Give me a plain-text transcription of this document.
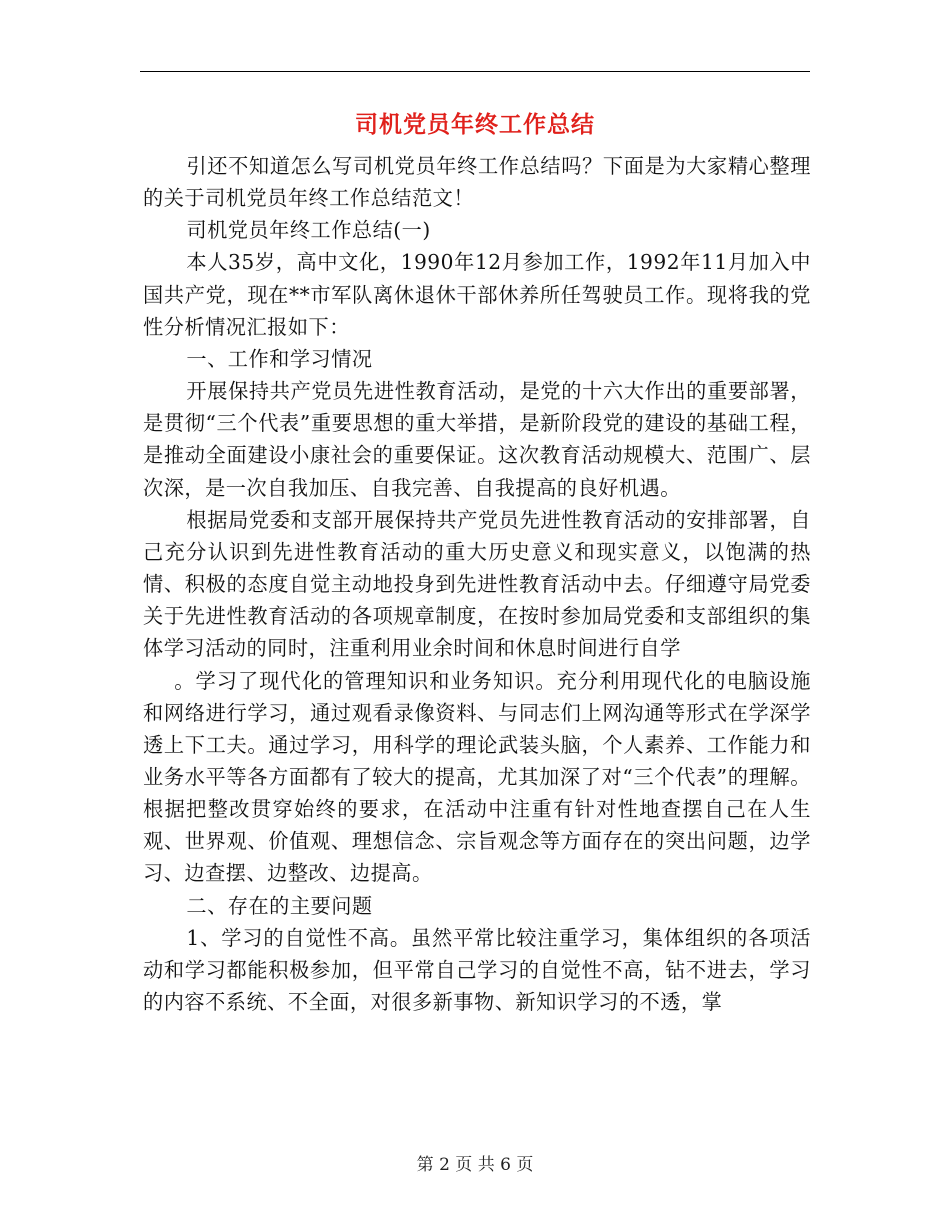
司机党员年终工作总结

引还不知道怎么写司机党员年终工作总结吗？下面是为大家精心整理的关于司机党员年终工作总结范文！

司机党员年终工作总结(一)

本人35岁，高中文化，1990年12月参加工作，1992年11月加入中国共产党，现在**市军队离休退休干部休养所任驾驶员工作。现将我的党性分析情况汇报如下：

一、工作和学习情况

开展保持共产党员先进性教育活动，是党的十六大作出的重要部署，是贯彻“三个代表”重要思想的重大举措，是新阶段党的建设的基础工程，是推动全面建设小康社会的重要保证。这次教育活动规模大、范围广、层次深，是一次自我加压、自我完善、自我提高的良好机遇。

根据局党委和支部开展保持共产党员先进性教育活动的安排部署，自己充分认识到先进性教育活动的重大历史意义和现实意义，以饱满的热情、积极的态度自觉主动地投身到先进性教育活动中去。仔细遵守局党委关于先进性教育活动的各项规章制度，在按时参加局党委和支部组织的集体学习活动的同时，注重利用业余时间和休息时间进行自学

。学习了现代化的管理知识和业务知识。充分利用现代化的电脑设施和网络进行学习，通过观看录像资料、与同志们上网沟通等形式在学深学透上下工夫。通过学习，用科学的理论武装头脑，个人素养、工作能力和业务水平等各方面都有了较大的提高，尤其加深了对“三个代表”的理解。根据把整改贯穿始终的要求，在活动中注重有针对性地查摆自己在人生观、世界观、价值观、理想信念、宗旨观念等方面存在的突出问题，边学习、边查摆、边整改、边提高。

二、存在的主要问题

1、学习的自觉性不高。虽然平常比较注重学习，集体组织的各项活动和学习都能积极参加，但平常自己学习的自觉性不高，钻不进去，学习的内容不系统、不全面，对很多新事物、新知识学习的不透，掌

第 2 页 共 6 页
